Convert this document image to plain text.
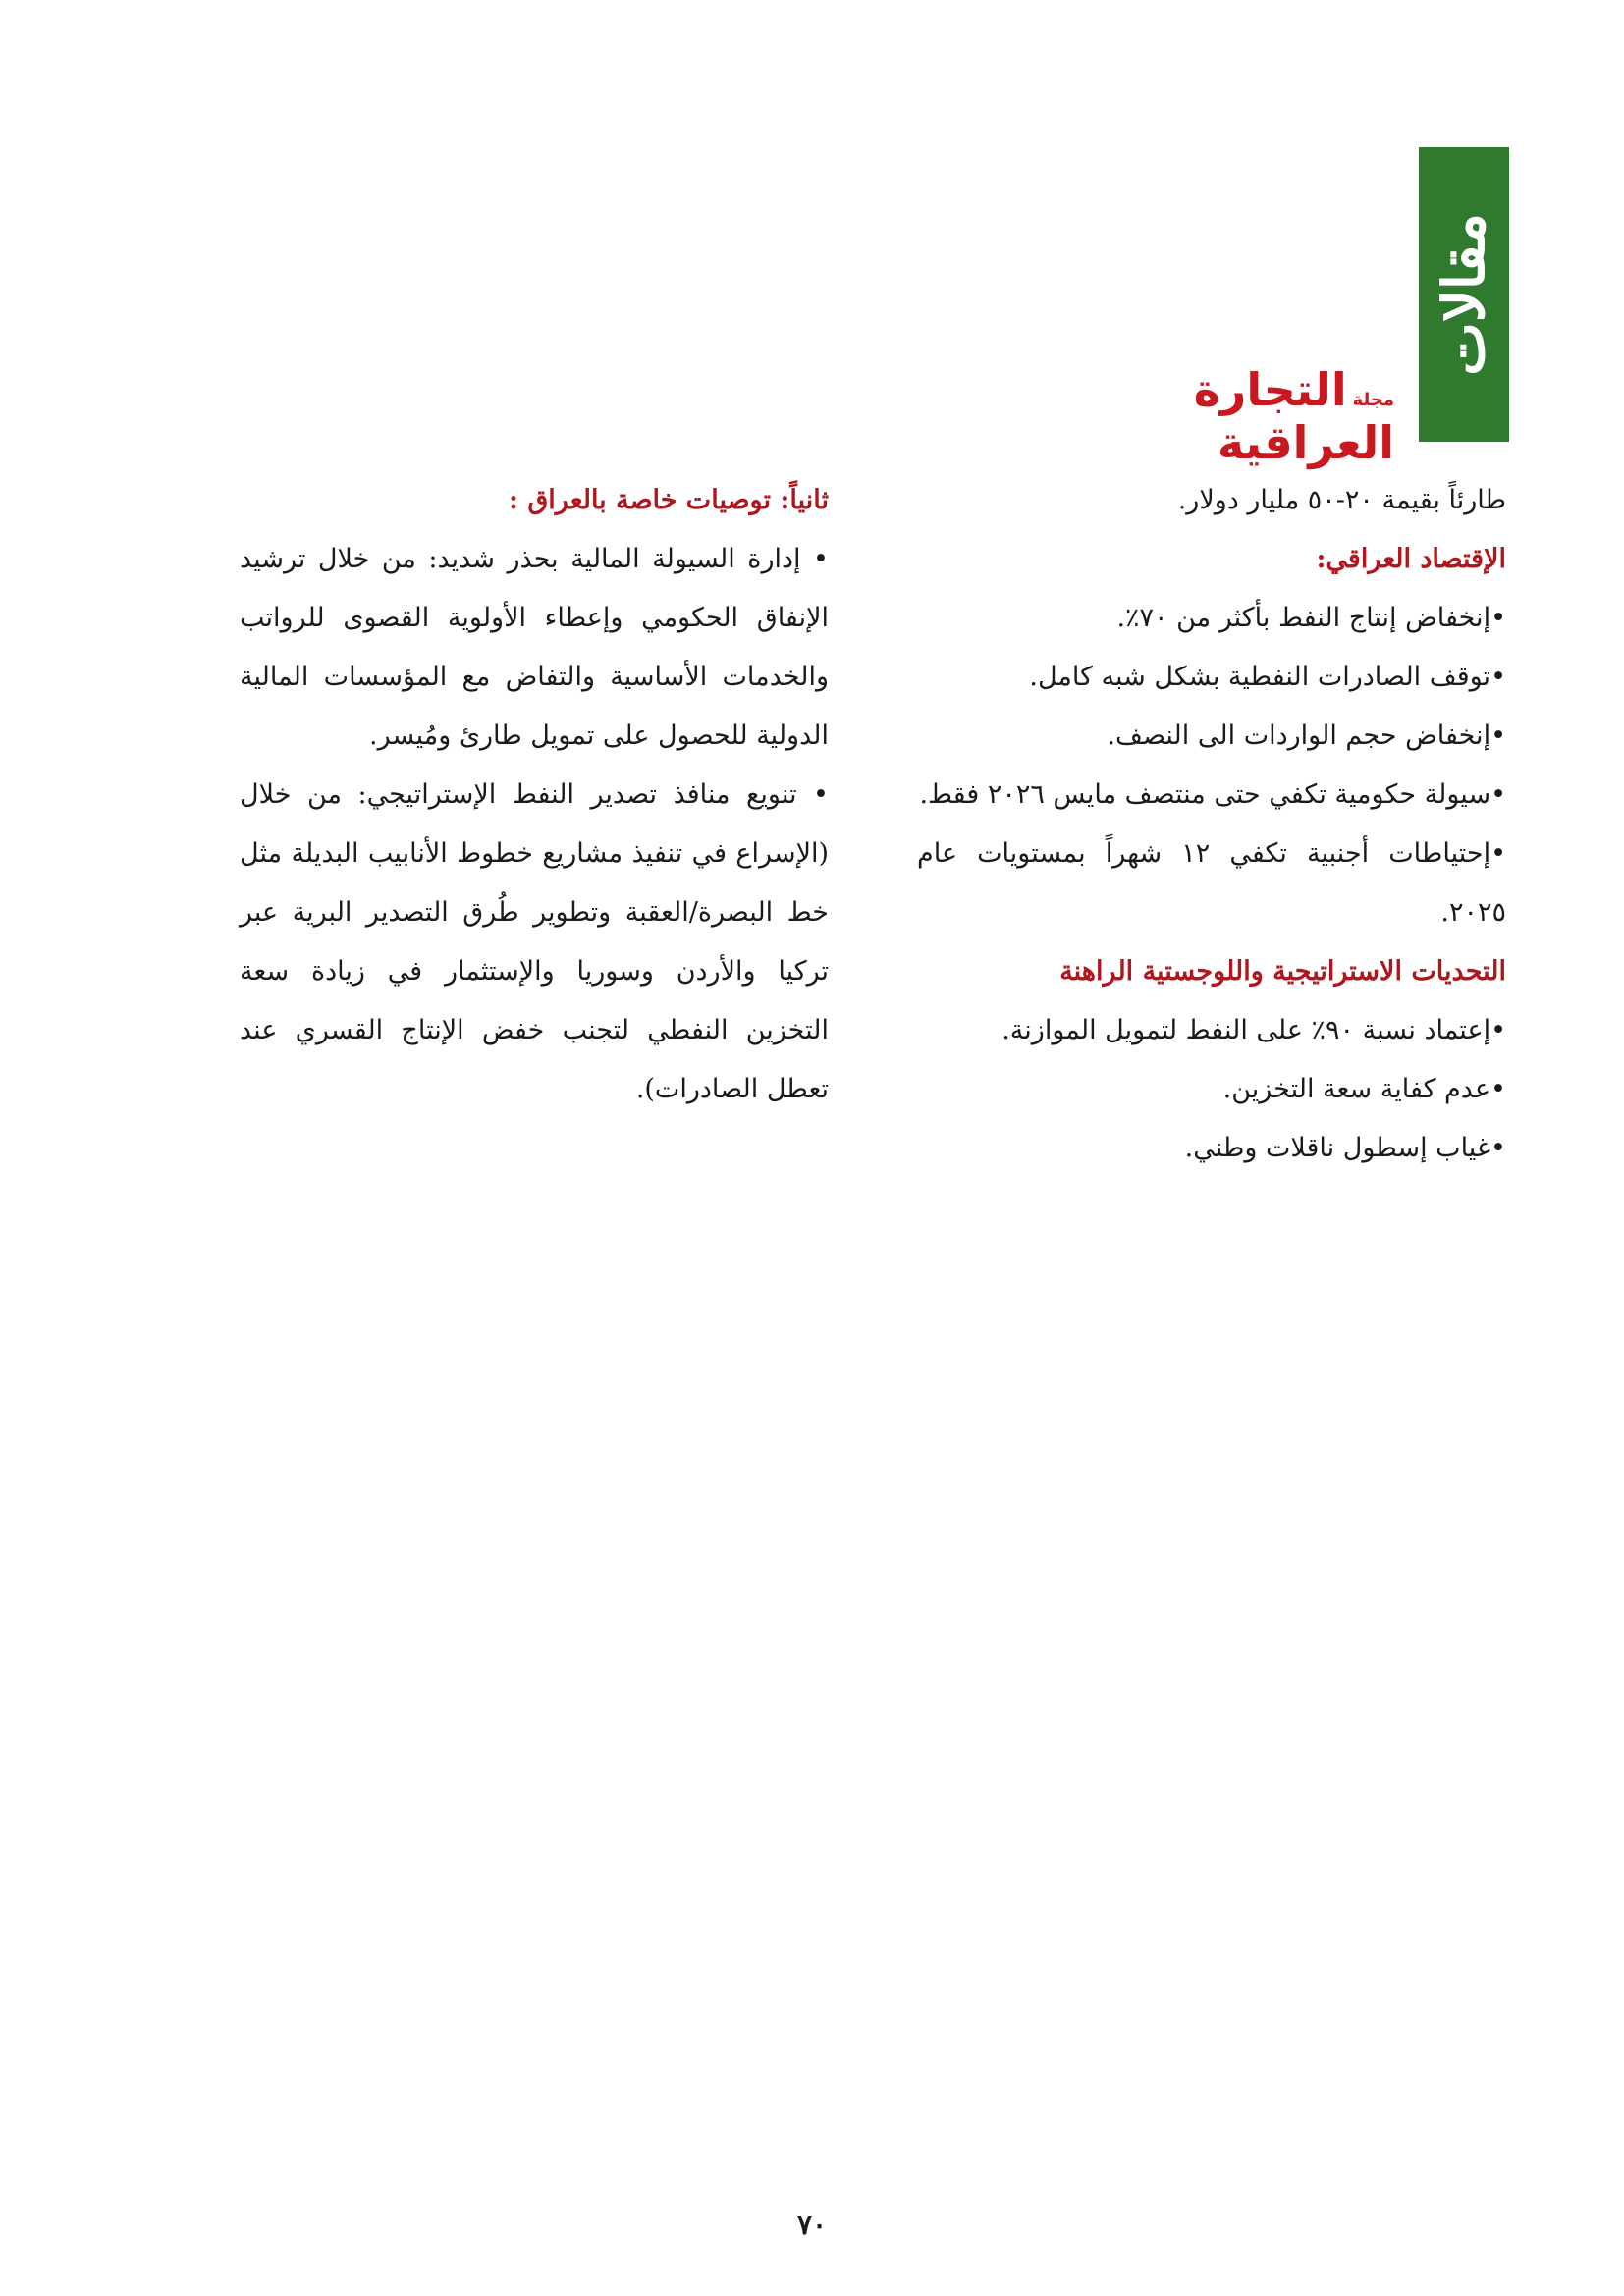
مقالات
مجلةالتجارة العراقية

طارئاً بقيمة ٢٠-٥٠ مليار دولار.

الإقتصاد العراقي:

•إنخفاض إنتاج النفط بأكثر من ٧٠٪.

•توقف الصادرات النفطية بشكل شبه كامل.

•إنخفاض حجم الواردات الى النصف.

•سيولة حكومية تكفي حتى منتصف مايس ٢٠٢٦ فقط.

•إحتياطات أجنبية تكفي ١٢ شهراً بمستويات عام ٢٠٢٥.

التحديات الاستراتيجية واللوجستية الراهنة

•إعتماد نسبة ٩٠٪ على النفط لتمويل الموازنة.

•عدم كفاية سعة التخزين.

•غياب إسطول ناقلات وطني.

ثانياً: توصيات خاصة بالعراق :

• إدارة السيولة المالية بحذر شديد: من خلال ترشيد الإنفاق الحكومي وإعطاء الأولوية القصوى للرواتب والخدمات الأساسية والتفاض مع المؤسسات المالية الدولية للحصول على تمويل طارئ ومُيسر.

• تنويع منافذ تصدير النفط الإستراتيجي: من خلال (الإسراع في تنفيذ مشاريع خطوط الأنابيب البديلة مثل خط البصرة/العقبة وتطوير طُرق التصدير البرية عبر تركيا والأردن وسوريا والإستثمار في زيادة سعة التخزين النفطي لتجنب خفض الإنتاج القسري عند تعطل الصادرات).

٧٠
